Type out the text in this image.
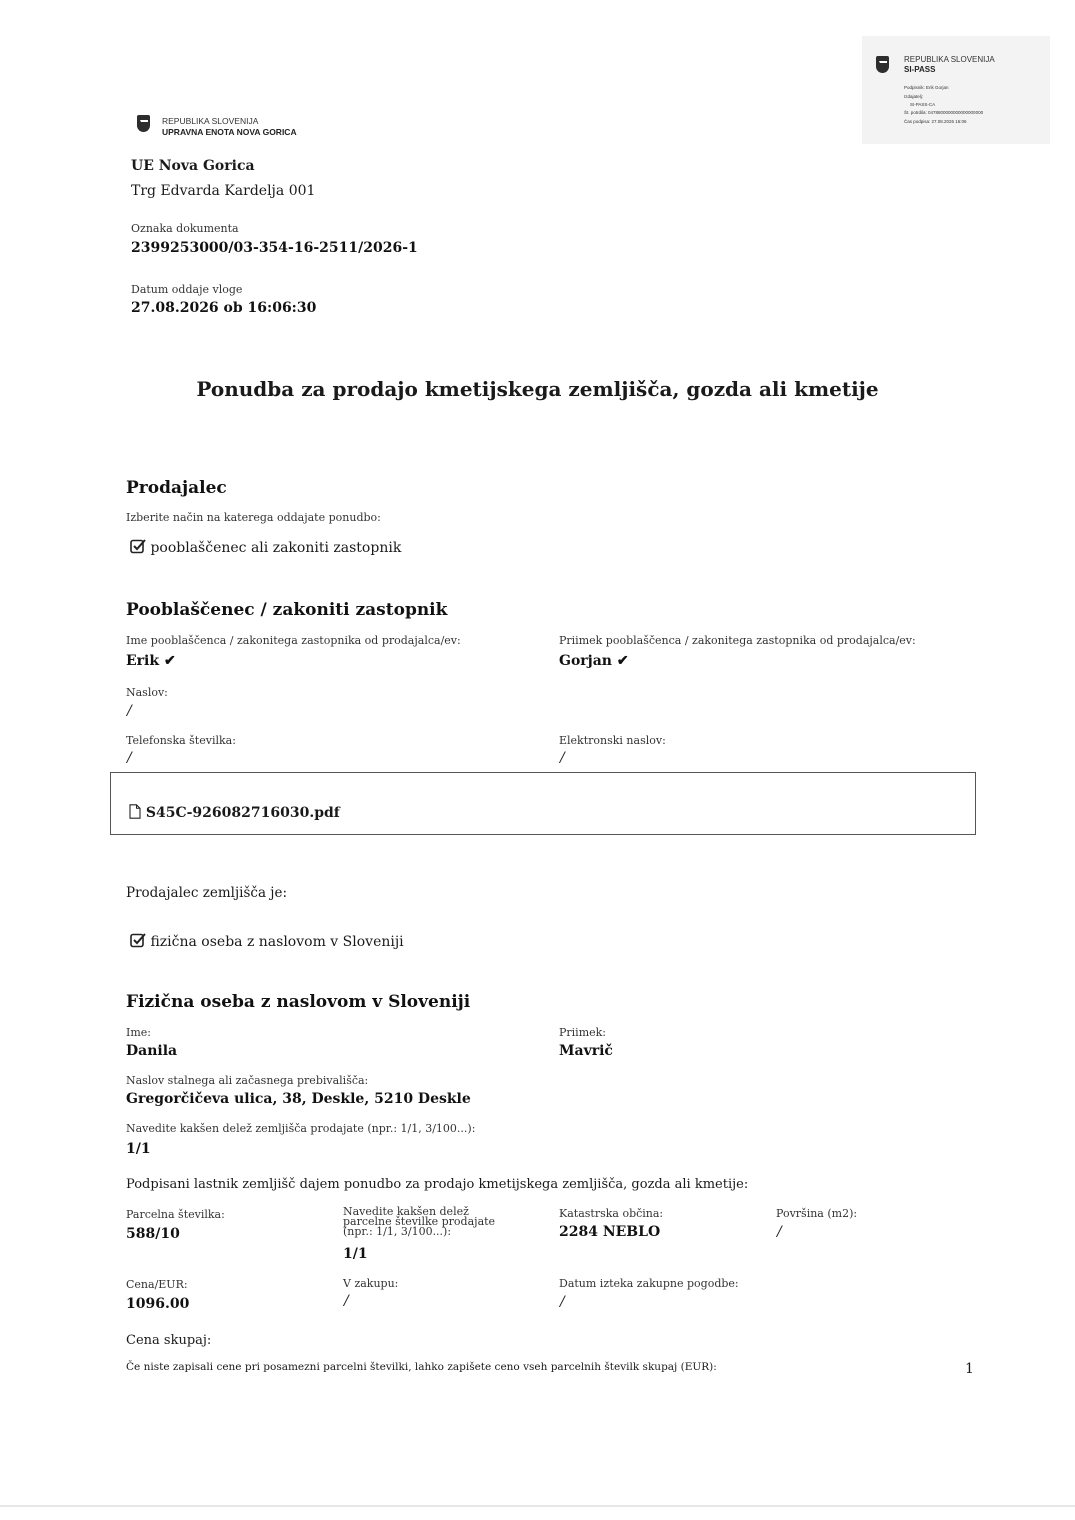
REPUBLIKA SLOVENIJA
SI-PASS
Podpisnik: Erik Gorjan
Izdajatelj:
SI-PASS-CA
Št. potrdila: 0478800000000000000000
Čas podpisa: 27.08.2026 16:06
REPUBLIKA SLOVENIJA
UPRAVNA ENOTA NOVA GORICA
UE Nova Gorica
Trg Edvarda Kardelja 001
Oznaka dokumenta
2399253000/03-354-16-2511/2026-1
Datum oddaje vloge
27.08.2026 ob 16:06:30
Ponudba za prodajo kmetijskega zemljišča, gozda ali kmetije
Prodajalec
Izberite način na katerega oddajate ponudbo:
pooblaščenec ali zakoniti zastopnik
Pooblaščenec / zakoniti zastopnik
Ime pooblaščenca / zakonitega zastopnika od prodajalca/ev:
Erik ✔
Priimek pooblaščenca / zakonitega zastopnika od prodajalca/ev:
Gorjan ✔
Naslov:
/
Telefonska številka:
/
Elektronski naslov:
/
S45C-926082716030.pdf
Prodajalec zemljišča je:
fizična oseba z naslovom v Sloveniji
Fizična oseba z naslovom v Sloveniji
Ime:
Danila
Priimek:
Mavrič
Naslov stalnega ali začasnega prebivališča:
Gregorčičeva ulica, 38, Deskle, 5210 Deskle
Navedite kakšen delež zemljišča prodajate (npr.: 1/1, 3/100...):
1/1
Podpisani lastnik zemljišč dajem ponudbo za prodajo kmetijskega zemljišča, gozda ali kmetije:
Parcelna številka:
588/10
Navedite kakšen delež parcelne številke prodajate (npr.: 1/1, 3/100...):
1/1
Katastrska občina:
2284 NEBLO
Površina (m2):
/
Cena/EUR:
1096.00
V zakupu:
/
Datum izteka zakupne pogodbe:
/
Cena skupaj:
Če niste zapisali cene pri posamezni parcelni številki, lahko zapišete ceno vseh parcelnih številk skupaj (EUR):	1
